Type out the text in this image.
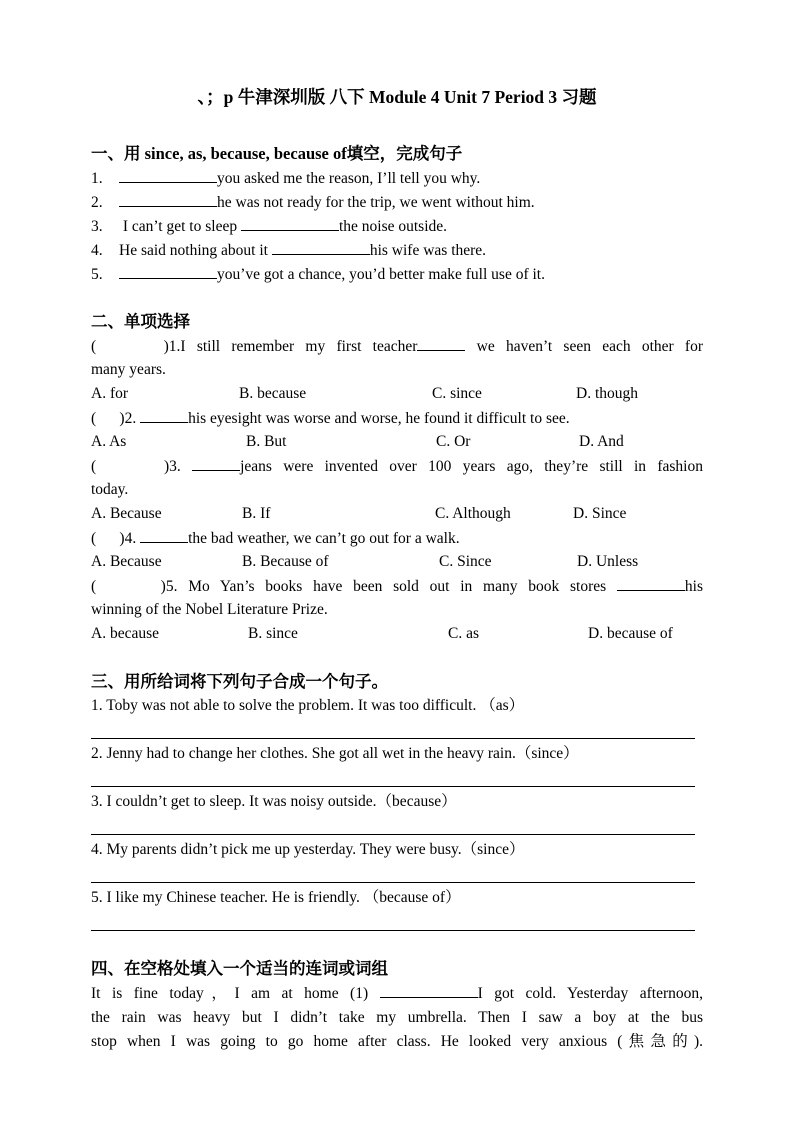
、；p 牛津深圳版 八下 Module 4 Unit 7 Period 3 习题
一、用 since, as, because, because of填空，完成句子
1.	you asked me the reason, I’ll tell you why.
2.	he was not ready for the trip, we went without him.
3. I can’t get to sleep	the noise outside.
4. He said nothing about it	his wife was there.
5.	you’ve got a chance, you’d better make full use of it.
二、单项选择
(      )1.I still remember my first teacher	we haven’t seen each other for
many years.
A. for	B. because	C. since	D. though
(      )2.	his eyesight was worse and worse, he found it difficult to see.
A. As	B. But	C. Or	D. And
(      )3.	jeans were invented over 100 years ago, they’re still in fashion
today.
A. Because	B. If	C. Although	D. Since
(      )4.	the bad weather, we can’t go out for a walk.
A. Because	B. Because of	C. Since	D. Unless
(      )5. Mo Yan’s books have been sold out in many book stores	his
winning of the Nobel Literature Prize.
A. because	B. since	C. as	D. because of
三、用所给词将下列句子合成一个句子。
1. Toby was not able to solve the problem. It was too difficult. （as）
2. Jenny had to change her clothes. She got all wet in the heavy rain.（since）
3. I couldn’t get to sleep. It was noisy outside.（because）
4. My parents didn’t pick me up yesterday. They were busy.（since）
5. I like my Chinese teacher. He is friendly. （because of）
四、在空格处填入一个适当的连词或词组
It is fine today，I am at home (1)	I got cold. Yesterday afternoon,
the rain was heavy but I didn’t take my umbrella. Then I saw a boy at the bus
stop when I was going to go home after class. He looked very anxious (焦急的).
